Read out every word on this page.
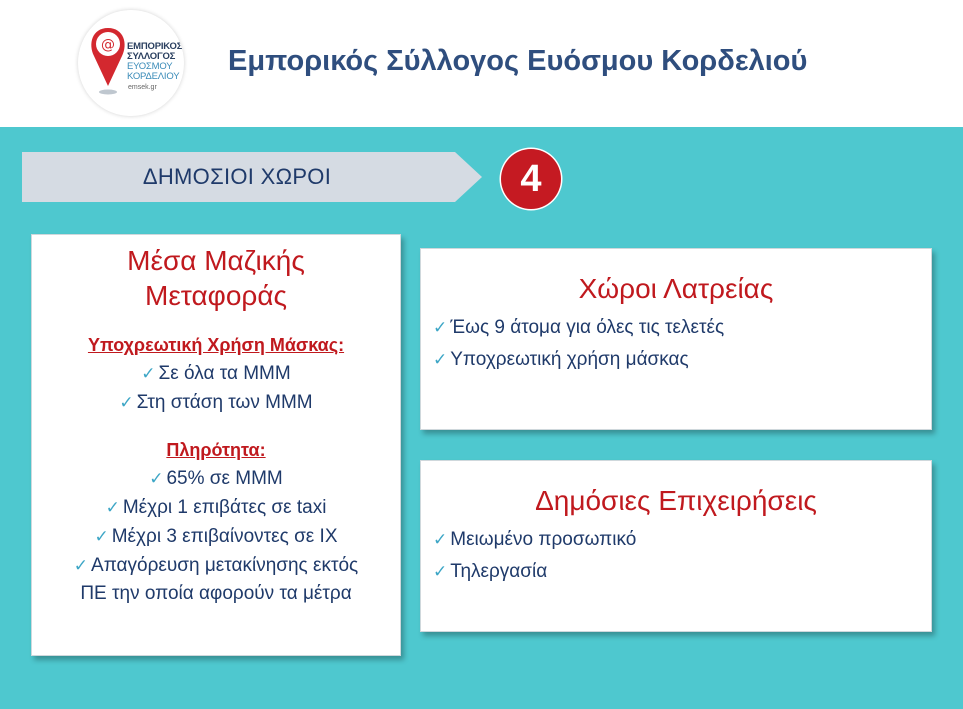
@ ΕΜΠΟΡΙΚΟΣ
ΣΥΛΛΟΓΟΣ
ΕΥΟΣΜΟΥ
ΚΟΡΔΕΛΙΟΥ
emsek.gr
Εμπορικός Σύλλογος Ευόσμου Κορδελιού
ΔΗΜΟΣΙΟΙ ΧΩΡΟΙ	4
Μέσα Μαζικής
Μεταφοράς
Υποχρεωτική Χρήση Μάσκας:
✓ Σε όλα τα ΜΜΜ
✓ Στη στάση των ΜΜΜ
Πληρότητα:
✓ 65% σε ΜΜΜ
✓ Μέχρι 1 επιβάτες σε taxi
✓ Μέχρι 3 επιβαίνοντες σε ΙΧ
✓ Απαγόρευση μετακίνησης εκτός
ΠΕ την οποία αφορούν τα μέτρα
Χώροι Λατρείας
✓ Έως 9 άτομα για όλες τις τελετές
✓ Υποχρεωτική χρήση μάσκας
Δημόσιες Επιχειρήσεις
✓ Μειωμένο προσωπικό
✓ Τηλεργασία
